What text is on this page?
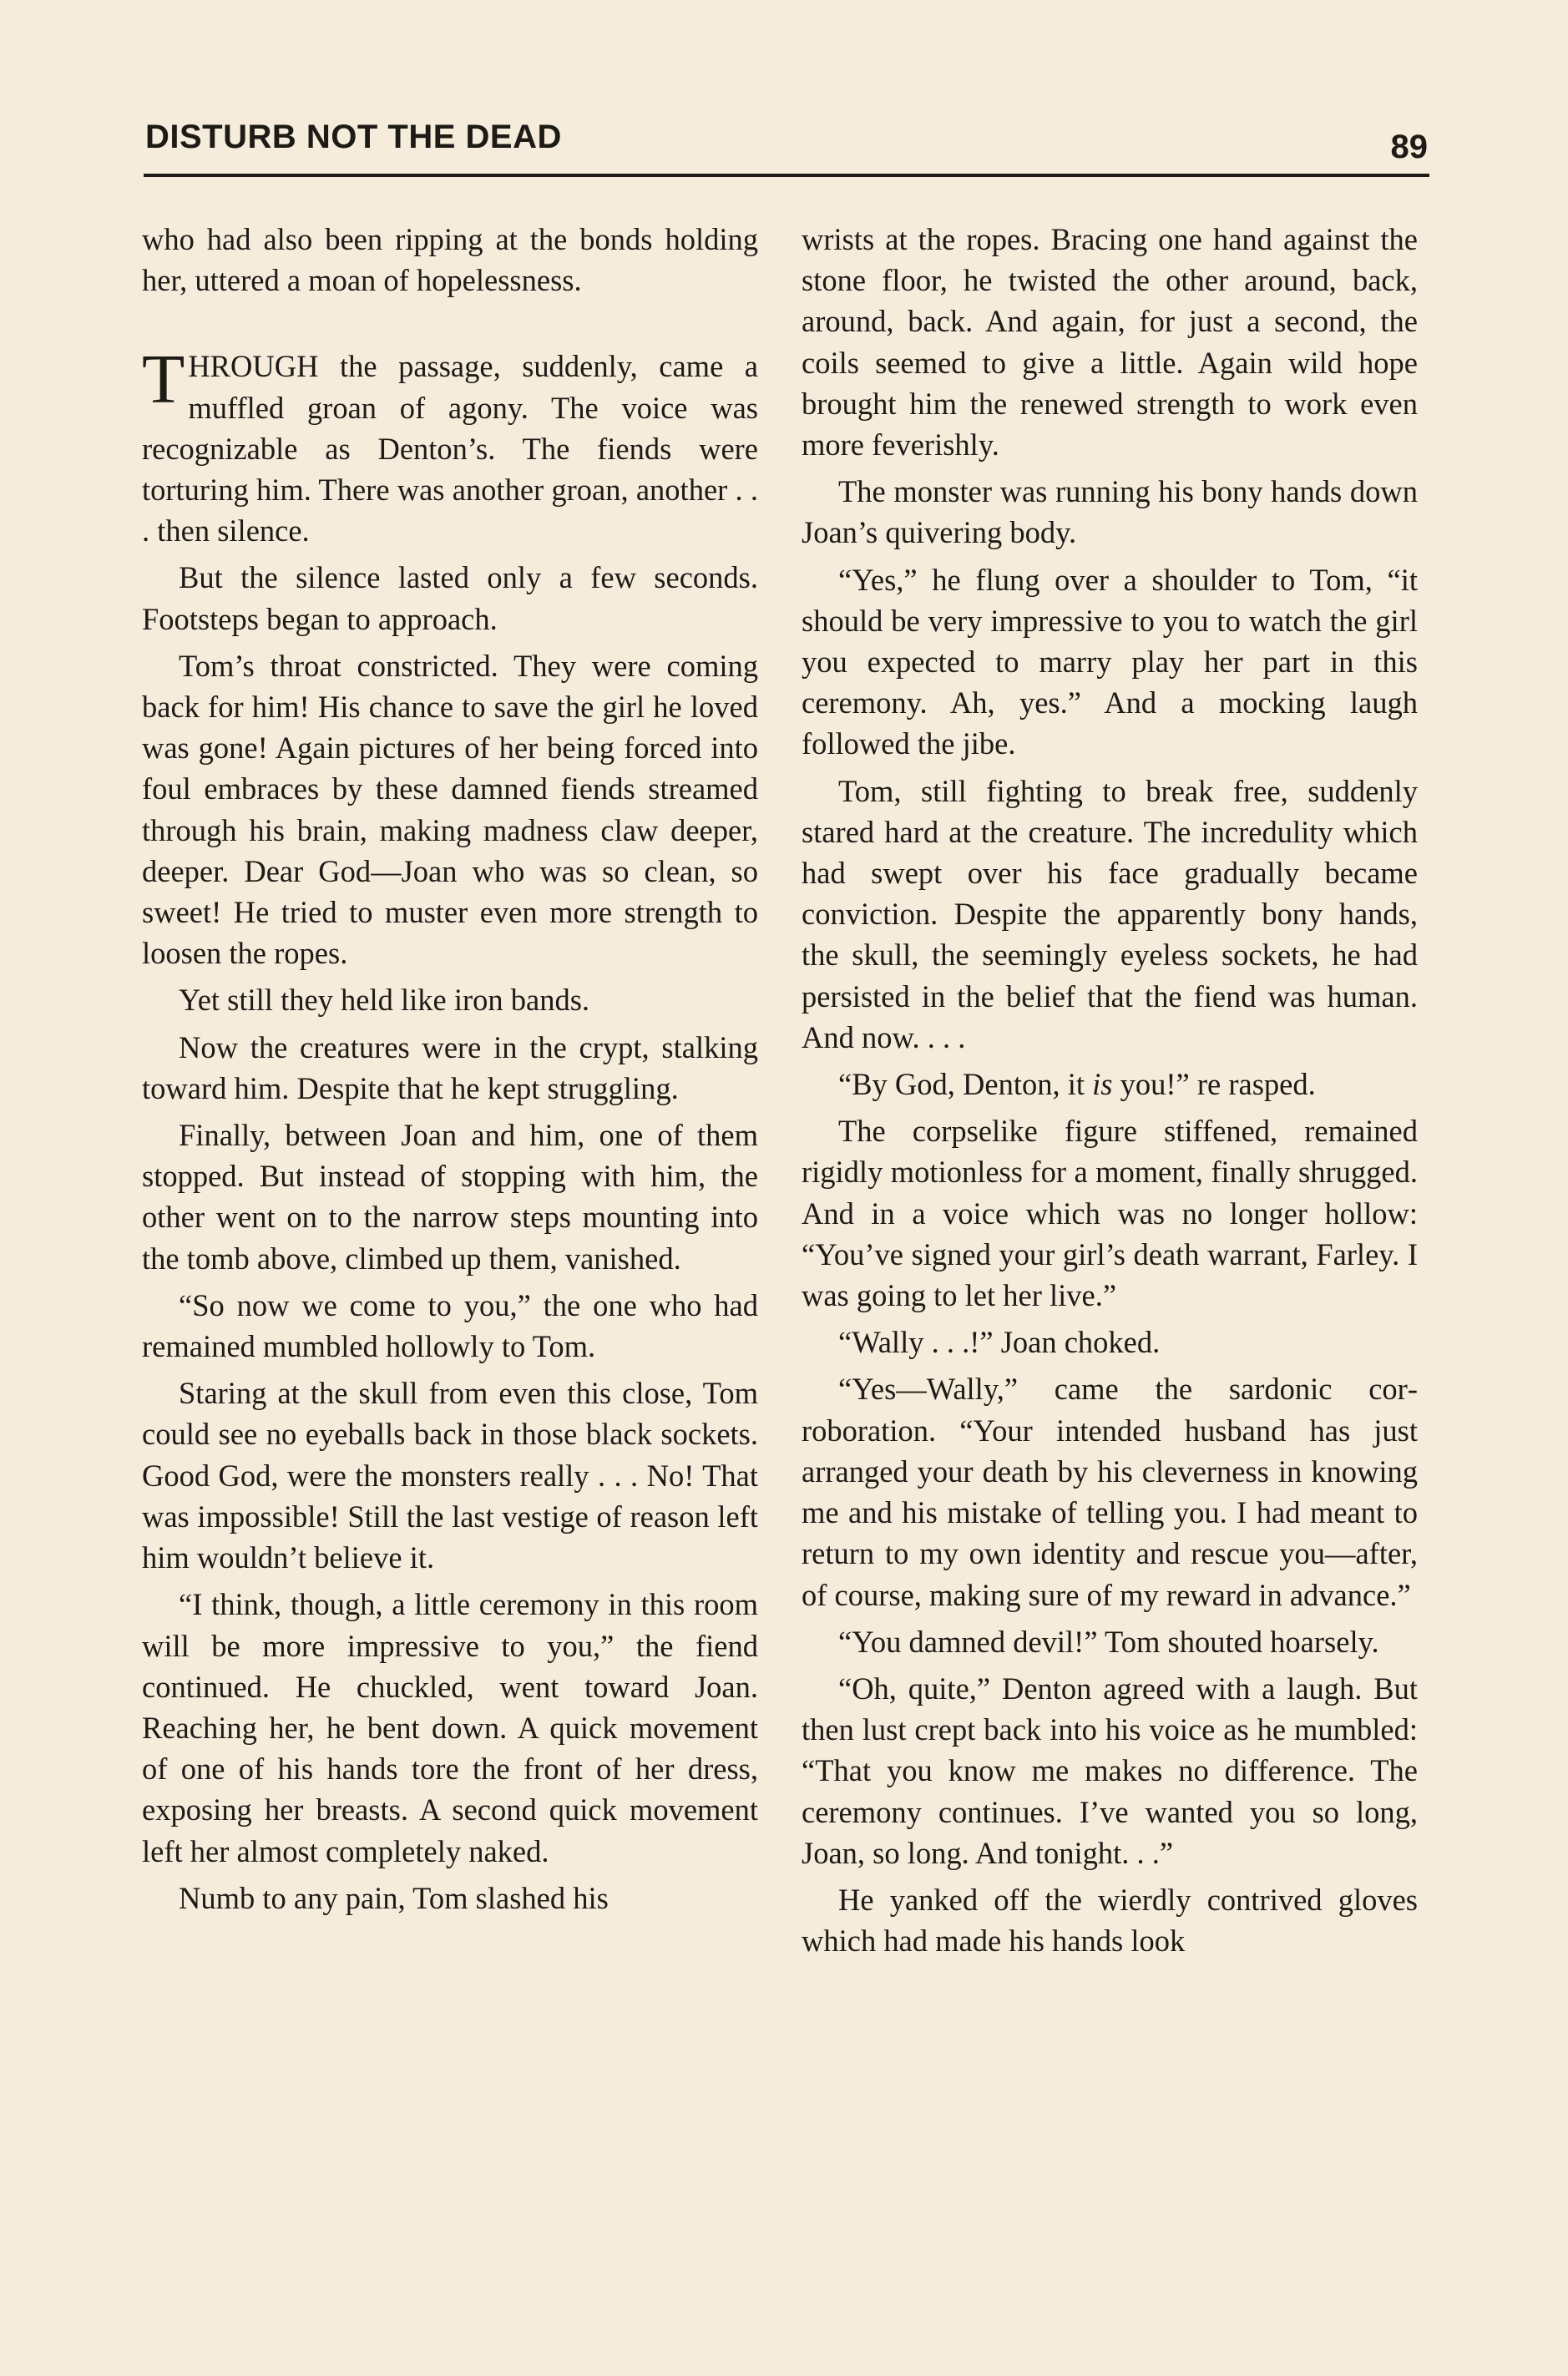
DISTURB NOT THE DEAD	89

who had also been ripping at the bonds holding her, uttered a moan of hopelessness.

THROUGH the passage, suddenly, came a muffled groan of agony. The voice was recognizable as Denton’s. The fiends were torturing him. There was another groan, another . . . then silence.

But the silence lasted only a few seconds. Footsteps began to approach.

Tom’s throat constricted. They were coming back for him! His chance to save the girl he loved was gone! Again pictures of her being forced into foul embraces by these damned fiends streamed through his brain, making madness claw deeper, deeper. Dear God—Joan who was so clean, so sweet! He tried to muster even more strength to loosen the ropes.

Yet still they held like iron bands.

Now the creatures were in the crypt, stalking toward him. Despite that he kept struggling.

Finally, between Joan and him, one of them stopped. But instead of stopping with him, the other went on to the narrow steps mounting into the tomb above, climbed up them, vanished.

“So now we come to you,” the one who had remained mumbled hollowly to Tom.

Staring at the skull from even this close, Tom could see no eyeballs back in those black sockets. Good God, were the monsters really . . . No! That was impossible! Still the last vestige of reason left him wouldn’t believe it.

“I think, though, a little ceremony in this room will be more impressive to you,” the fiend continued. He chuckled, went toward Joan. Reaching her, he bent down. A quick movement of one of his hands tore the front of her dress, exposing her breasts. A second quick movement left her almost completely naked.

Numb to any pain, Tom slashed his

wrists at the ropes. Bracing one hand against the stone floor, he twisted the other around, back, around, back. And again, for just a second, the coils seemed to give a little. Again wild hope brought him the renewed strength to work even more feverishly.

The monster was running his bony hands down Joan’s quivering body.

“Yes,” he flung over a shoulder to Tom, “it should be very impressive to you to watch the girl you expected to marry play her part in this ceremony. Ah, yes.” And a mocking laugh followed the jibe.

Tom, still fighting to break free, suddenly stared hard at the creature. The incredulity which had swept over his face gradually became conviction. Despite the apparently bony hands, the skull, the seemingly eyeless sockets, he had persisted in the belief that the fiend was human. And now. . . .

“By God, Denton, it is you!” re rasped.

The corpselike figure stiffened, remained rigidly motionless for a moment, finally shrugged. And in a voice which was no longer hollow: “You’ve signed your girl’s death warrant, Farley. I was going to let her live.”

“Wally . . .!” Joan choked.

“Yes—Wally,” came the sardonic corroboration. “Your intended husband has just arranged your death by his cleverness in knowing me and his mistake of telling you. I had meant to return to my own identity and rescue you—after, of course, making sure of my reward in advance.”

“You damned devil!” Tom shouted hoarsely.

“Oh, quite,” Denton agreed with a laugh. But then lust crept back into his voice as he mumbled: “That you know me makes no difference. The ceremony continues. I’ve wanted you so long, Joan, so long. And tonight. . .”

He yanked off the wierdly contrived gloves which had made his hands look
